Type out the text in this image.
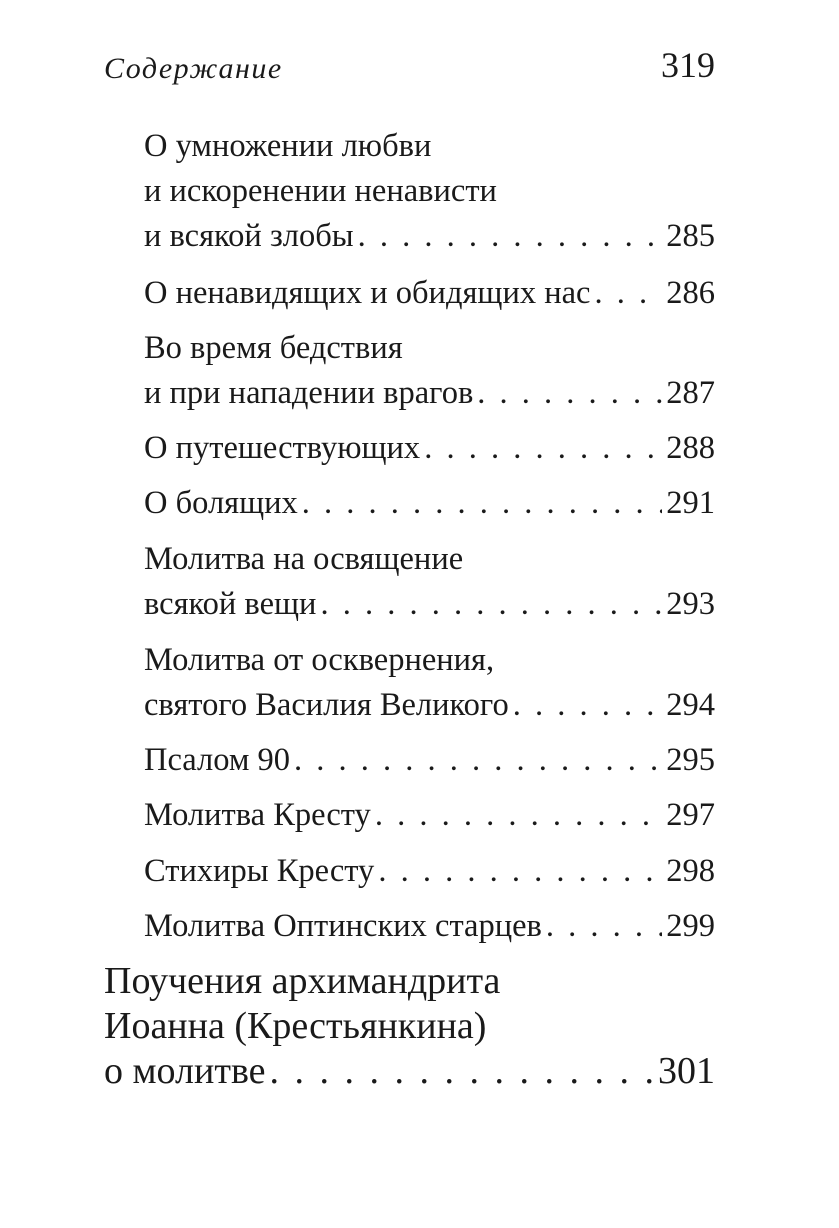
Содержание	319
О умножении любви
и искоренении ненависти
и всякой злобы . . .	285
О ненавидящих и обидящих нас . . . 286
Во время бедствия
и при нападении врагов . . .	287
О путешествующих . . .	288
О болящих . . .	291
Молитва на освящение
всякой вещи . . .	293
Молитва от осквернения,
святого Василия Великого . . .	294
Псалом 90 . . .	295
Молитва Кресту . . .	297
Стихиры Кресту . . .	298
Молитва Оптинских старцев . . .	299
Поучения архимандрита
Иоанна (Крестьянкина)
о молитве . . .	301
